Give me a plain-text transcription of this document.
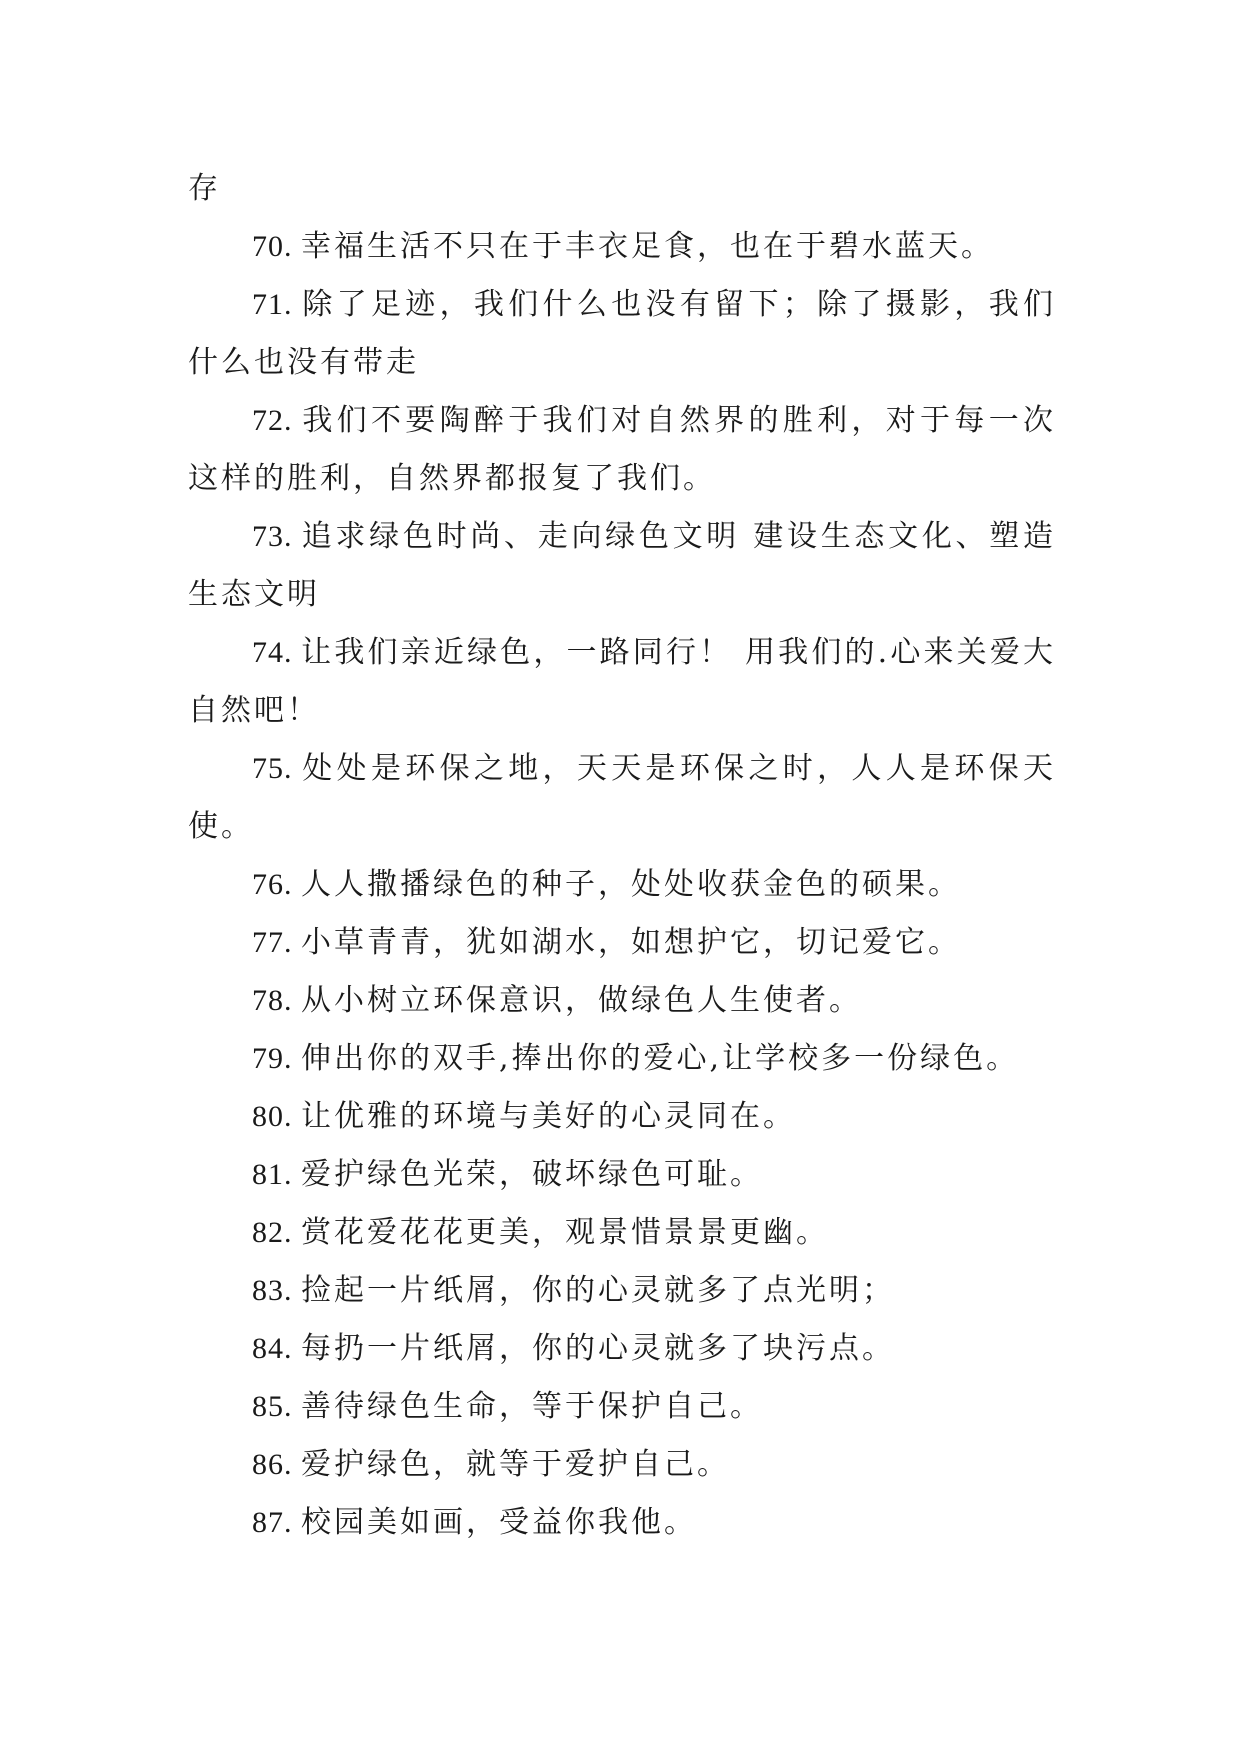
存

70. 幸福生活不只在于丰衣足食，也在于碧水蓝天。

71. 除了足迹，我们什么也没有留下；除了摄影，我们什么也没有带走

72. 我们不要陶醉于我们对自然界的胜利，对于每一次这样的胜利，自然界都报复了我们。

73. 追求绿色时尚、走向绿色文明 建设生态文化、塑造生态文明

74. 让我们亲近绿色，一路同行！ 用我们的.心来关爱大自然吧！

75. 处处是环保之地，天天是环保之时，人人是环保天使。

76. 人人撒播绿色的种子，处处收获金色的硕果。

77. 小草青青，犹如湖水，如想护它，切记爱它。

78. 从小树立环保意识，做绿色人生使者。

79. 伸出你的双手,捧出你的爱心,让学校多一份绿色。

80. 让优雅的环境与美好的心灵同在。

81. 爱护绿色光荣，破坏绿色可耻。

82. 赏花爱花花更美，观景惜景景更幽。

83. 捡起一片纸屑，你的心灵就多了点光明；

84. 每扔一片纸屑，你的心灵就多了块污点。

85. 善待绿色生命，等于保护自己。

86. 爱护绿色，就等于爱护自己。

87. 校园美如画，受益你我他。
